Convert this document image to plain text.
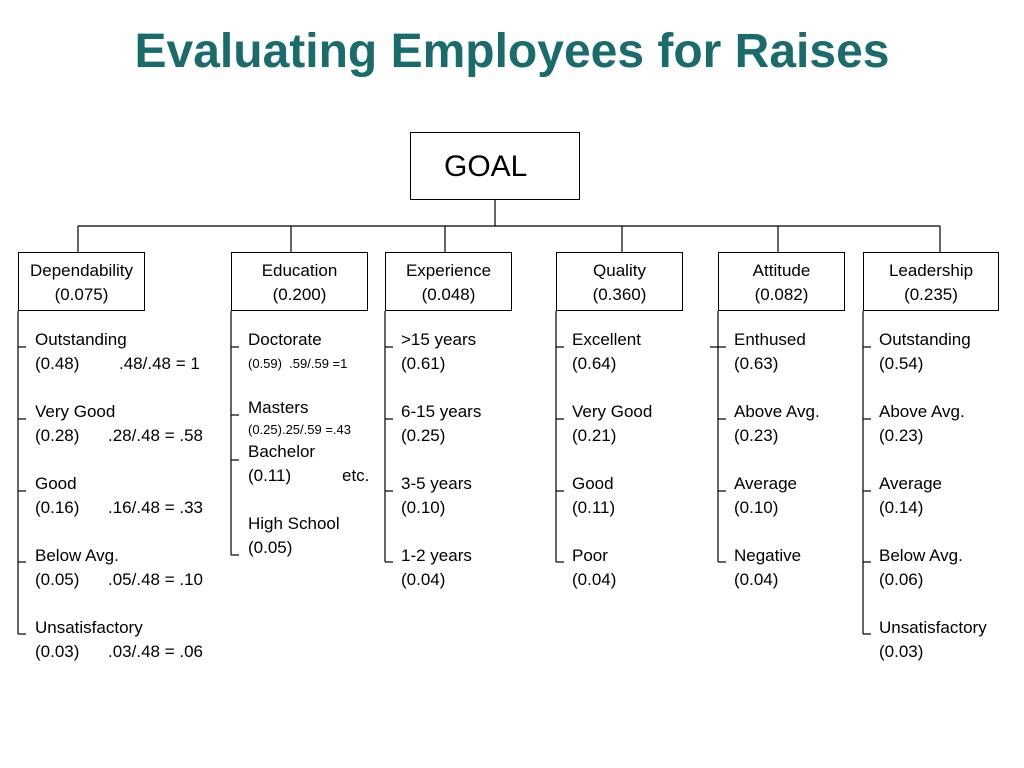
Evaluating Employees for Raises
GOAL
Dependability
(0.075)
Education
(0.200)
Experience
(0.048)
Quality
(0.360)
Attitude
(0.082)
Leadership
(0.235)
Outstanding
(0.48) .48/.48 = 1
Very Good
(0.28) .28/.48 = .58
Good
(0.16) .16/.48 = .33
Below Avg.
(0.05) .05/.48 = .10
Unsatisfactory
(0.03) .03/.48 = .06
Doctorate
(0.59)  .59/.59 =1
Masters
(0.25).25/.59 =.43
Bachelor
(0.11)	etc.
High School
(0.05)
>15 years
(0.61)
6-15 years
(0.25)
3-5 years
(0.10)
1-2 years
(0.04)
Excellent
(0.64)
Very Good
(0.21)
Good
(0.11)
Poor
(0.04)
Enthused
(0.63)
Above Avg.
(0.23)
Average
(0.10)
Negative
(0.04)
Outstanding
(0.54)
Above Avg.
(0.23)
Average
(0.14)
Below Avg.
(0.06)
Unsatisfactory
(0.03)
